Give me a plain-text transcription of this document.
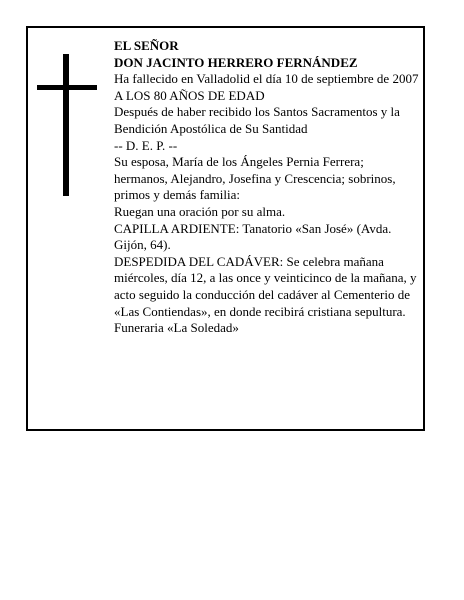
EL SEÑOR
DON JACINTO HERRERO FERNÁNDEZ
Ha fallecido en Valladolid el día 10 de septiembre de 2007
A LOS 80 AÑOS DE EDAD
Después de haber recibido los Santos Sacramentos y la Bendición Apostólica de Su Santidad
-- D. E. P. --
Su esposa, María de los Ángeles Pernia Ferrera; hermanos, Alejandro, Josefina y Crescencia; sobrinos, primos y demás familia:
Ruegan una oración por su alma.
CAPILLA ARDIENTE: Tanatorio «San José» (Avda. Gijón, 64).
DESPEDIDA DEL CADÁVER: Se celebra mañana miércoles, día 12, a las once y veinticinco de la mañana, y acto seguido la conducción del cadáver al Cementerio de «Las Contiendas», en donde recibirá cristiana sepultura.
Funeraria «La Soledad»
